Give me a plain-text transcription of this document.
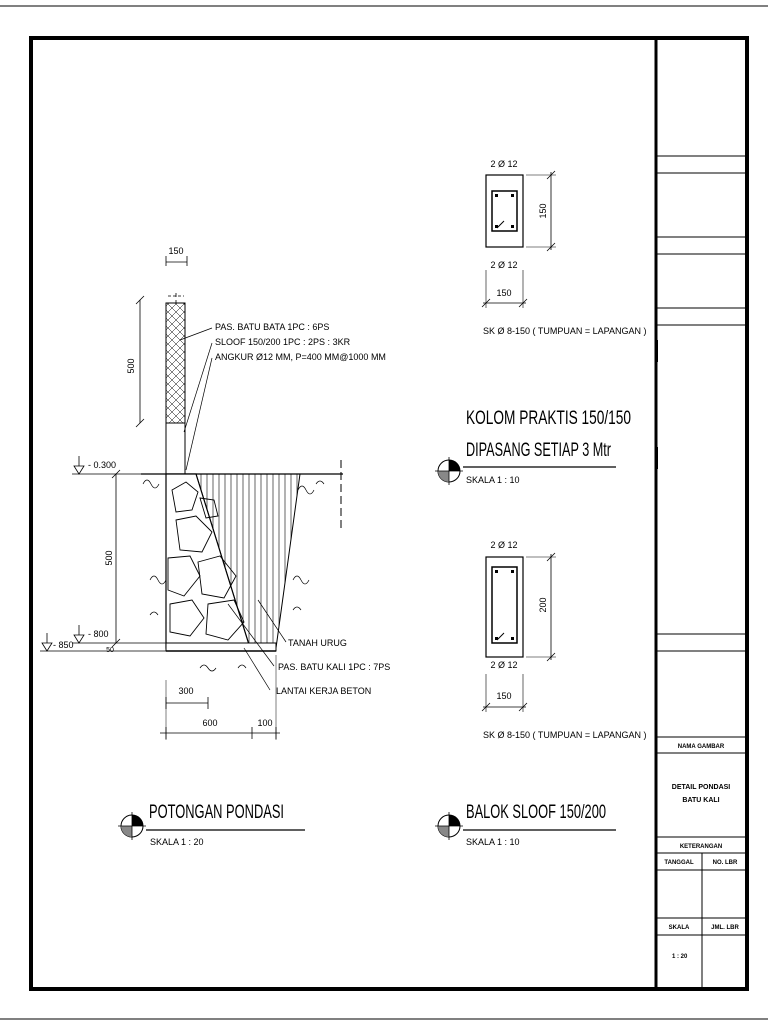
NAMA GAMBAR
DETAIL PONDASI
BATU KALI
KETERANGAN
TANGGAL	NO. LBR
SKALA	JML. LBR
1 : 20
150
500
- 0.300
500
- 800
- 850
50
300
600	100
PAS. BATU BATA 1PC : 6PS
SLOOF 150/200 1PC : 2PS : 3KR
ANGKUR Ø12 MM, P=400 MM@1000 MM
TANAH URUG
PAS. BATU KALI 1PC : 7PS
LANTAI KERJA BETON
POTONGAN PONDASI
SKALA 1 : 20
2 Ø 12
2 Ø 12
150
150
SK Ø 8-150 ( TUMPUAN = LAPANGAN )
KOLOM PRAKTIS 150/150
DIPASANG SETIAP 3 Mtr
SKALA 1 : 10
2 Ø 12
2 Ø 12
200
150
SK Ø 8-150 ( TUMPUAN = LAPANGAN )
BALOK SLOOF 150/200
SKALA 1 : 10
